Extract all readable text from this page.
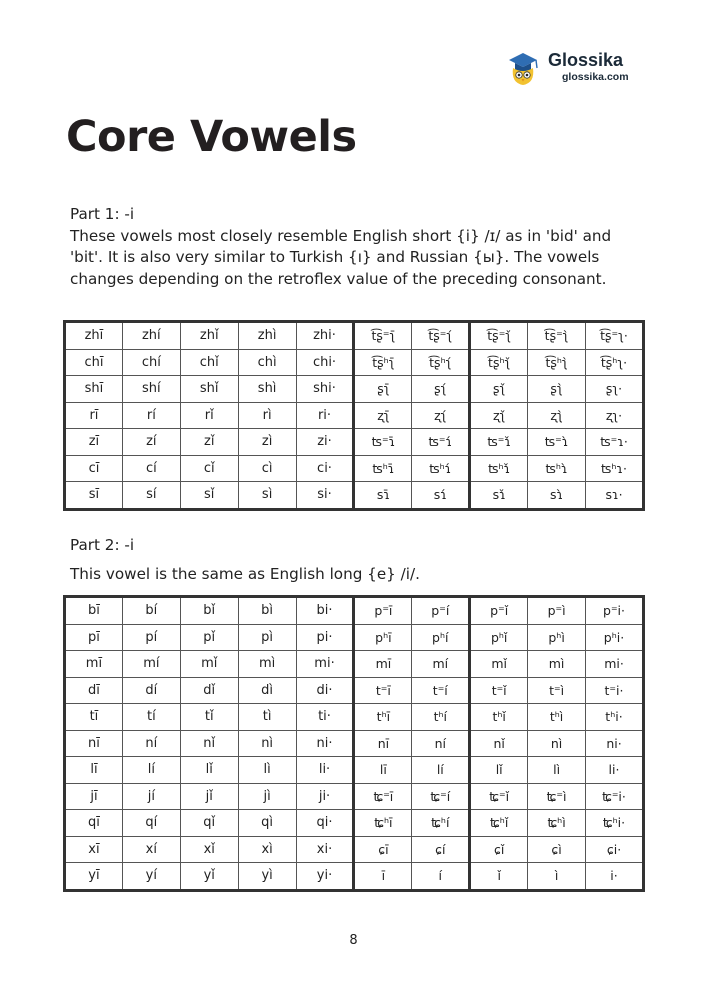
Glossika
glossika.com
Core Vowels

Part 1: -i

These vowels most closely resemble English short {i} /ɪ/ as in 'bid' and 'bit'. It is also very similar to Turkish {ı} and Russian {ы}. The vowels changes depending on the retroflex value of the preceding consonant.

zhī	zhí	zhǐ	zhì	zhi·	t͡ʂ⁼ʅ̄	t͡ʂ⁼ʅ́	t͡ʂ⁼ʅ̌	t͡ʂ⁼ʅ̀	t͡ʂ⁼ʅ·
chī	chí	chǐ	chì	chi·	t͡ʂʰʅ̄	t͡ʂʰʅ́	t͡ʂʰʅ̌	t͡ʂʰʅ̀	t͡ʂʰʅ·
shī	shí	shǐ	shì	shi·	ʂʅ̄	ʂʅ́	ʂʅ̌	ʂʅ̀	ʂʅ·
rī	rí	rǐ	rì	ri·	ʐʅ̄	ʐʅ́	ʐʅ̌	ʐʅ̀	ʐʅ·
zī	zí	zǐ	zì	zi·	ʦ⁼ɿ̄	ʦ⁼ɿ́	ʦ⁼ɿ̌	ʦ⁼ɿ̀	ʦ⁼ɿ·
cī	cí	cǐ	cì	ci·	ʦʰɿ̄	ʦʰɿ́	ʦʰɿ̌	ʦʰɿ̀	ʦʰɿ·
sī	sí	sǐ	sì	si·	sɿ̄	sɿ́	sɿ̌	sɿ̀	sɿ·

Part 2: -i

This vowel is the same as English long {e} /i/.

bī	bí	bǐ	bì	bi·	p⁼ī	p⁼í	p⁼ǐ	p⁼ì	p⁼i·
pī	pí	pǐ	pì	pi·	pʰī	pʰí	pʰǐ	pʰì	pʰi·
mī	mí	mǐ	mì	mi·	mī	mí	mǐ	mì	mi·
dī	dí	dǐ	dì	di·	t⁼ī	t⁼í	t⁼ǐ	t⁼ì	t⁼i·
tī	tí	tǐ	tì	ti·	tʰī	tʰí	tʰǐ	tʰì	tʰi·
nī	ní	nǐ	nì	ni·	nī	ní	nǐ	nì	ni·
lī	lí	lǐ	lì	li·	lī	lí	lǐ	lì	li·
jī	jí	jǐ	jì	ji·	ʨ⁼ī	ʨ⁼í	ʨ⁼ǐ	ʨ⁼ì	ʨ⁼i·
qī	qí	qǐ	qì	qi·	ʨʰī	ʨʰí	ʨʰǐ	ʨʰì	ʨʰi·
xī	xí	xǐ	xì	xi·	ɕī	ɕí	ɕǐ	ɕì	ɕi·
yī	yí	yǐ	yì	yi·	ī	í	ǐ	ì	i·
8
